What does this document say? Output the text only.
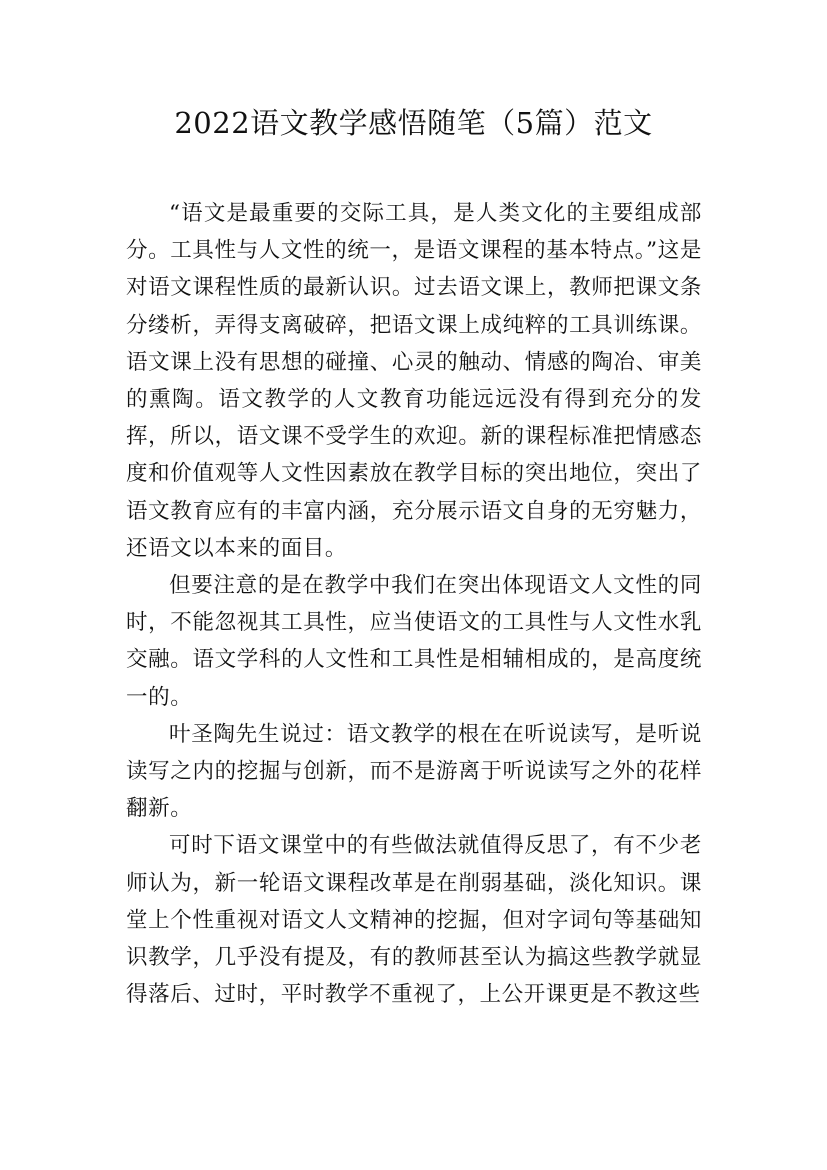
2022语文教学感悟随笔（5篇）范文

“语文是最重要的交际工具，是人类文化的主要组成部分。工具性与人文性的统一，是语文课程的基本特点。”这是对语文课程性质的最新认识。过去语文课上，教师把课文条分缕析，弄得支离破碎，把语文课上成纯粹的工具训练课。语文课上没有思想的碰撞、心灵的触动、情感的陶冶、审美的熏陶。语文教学的人文教育功能远远没有得到充分的发挥，所以，语文课不受学生的欢迎。新的课程标准把情感态度和价值观等人文性因素放在教学目标的突出地位，突出了语文教育应有的丰富内涵，充分展示语文自身的无穷魅力，还语文以本来的面目。

但要注意的是在教学中我们在突出体现语文人文性的同时，不能忽视其工具性，应当使语文的工具性与人文性水乳交融。语文学科的人文性和工具性是相辅相成的，是高度统一的。

叶圣陶先生说过：语文教学的根在在听说读写，是听说读写之内的挖掘与创新，而不是游离于听说读写之外的花样翻新。

可时下语文课堂中的有些做法就值得反思了，有不少老师认为，新一轮语文课程改革是在削弱基础，淡化知识。课堂上个性重视对语文人文精神的挖掘，但对字词句等基础知识教学，几乎没有提及，有的教师甚至认为搞这些教学就显得落后、过时，平时教学不重视了，上公开课更是不教这些
